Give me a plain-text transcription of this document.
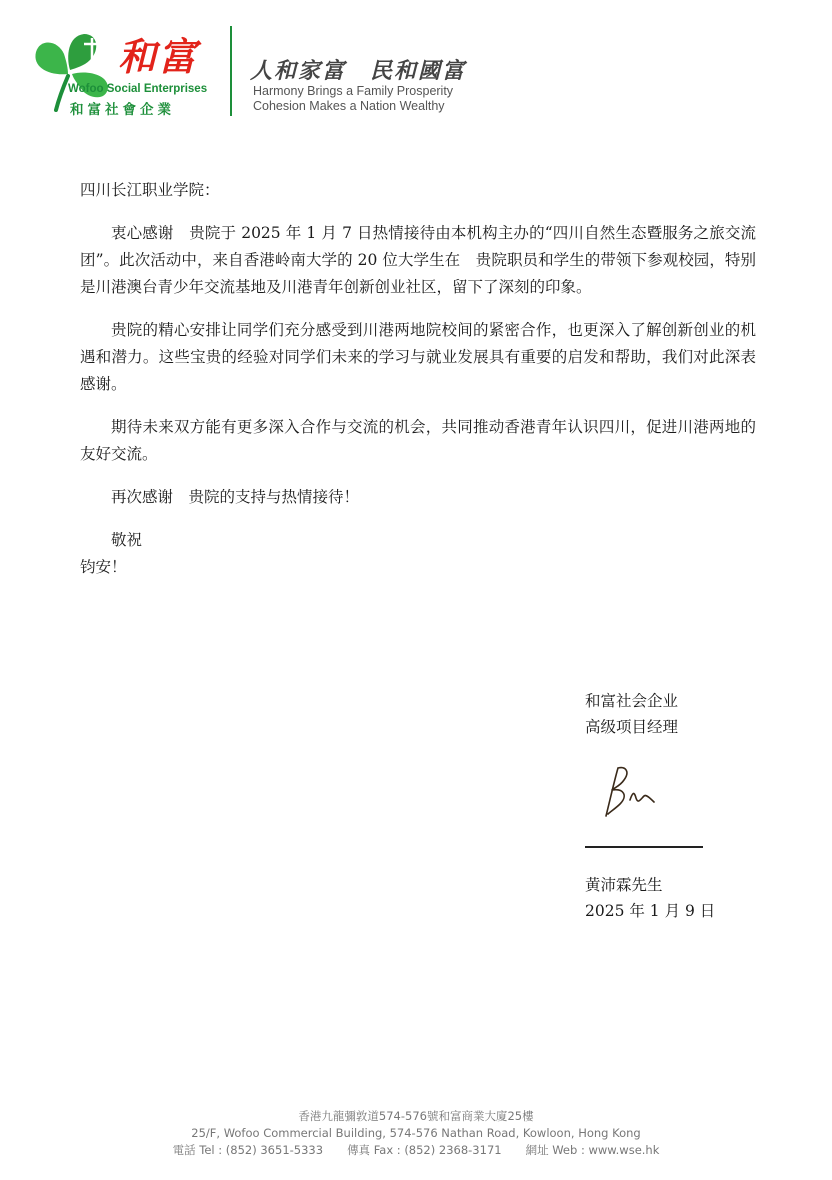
和富
Wofoo Social Enterprises
和富社會企業
人和家富　民和國富
Harmony Brings a Family Prosperity
Cohesion Makes a Nation Wealthy

四川长江职业学院：

衷心感谢　贵院于 2025 年 1 月 7 日热情接待由本机构主办的“四川自然生态暨服务之旅交流团”。此次活动中，来自香港岭南大学的 20 位大学生在　贵院职员和学生的带领下参观校园，特别是川港澳台青少年交流基地及川港青年创新创业社区，留下了深刻的印象。

贵院的精心安排让同学们充分感受到川港两地院校间的紧密合作，也更深入了解创新创业的机遇和潜力。这些宝贵的经验对同学们未来的学习与就业发展具有重要的启发和帮助，我们对此深表感谢。

期待未来双方能有更多深入合作与交流的机会，共同推动香港青年认识四川，促进川港两地的友好交流。

再次感谢　贵院的支持与热情接待！

敬祝

钧安！

和富社会企业
高级项目经理
黄沛霖先生
2025 年 1 月 9 日
香港九龍彌敦道574-576號和富商業大廈25樓
25/F, Wofoo Commercial Building, 574-576 Nathan Road, Kowloon, Hong Kong
電話 Tel : (852) 3651-5333 傳真 Fax : (852) 2368-3171 網址 Web : www.wse.hk
